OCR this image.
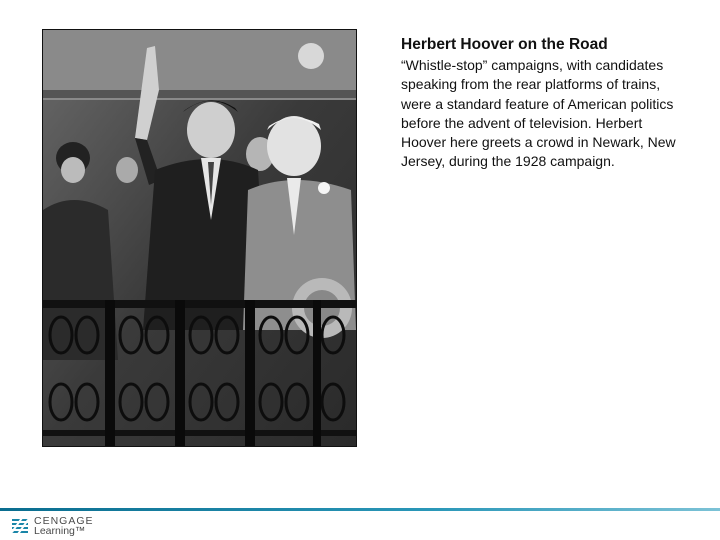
Herbert Hoover on the Road

“Whistle-stop” campaigns, with candidates speaking from the rear platforms of trains, were a standard feature of American politics before the advent of television. Herbert Hoover here greets a crowd in Newark, New Jersey, during the 1928 campaign.

CENGAGE
Learning™
